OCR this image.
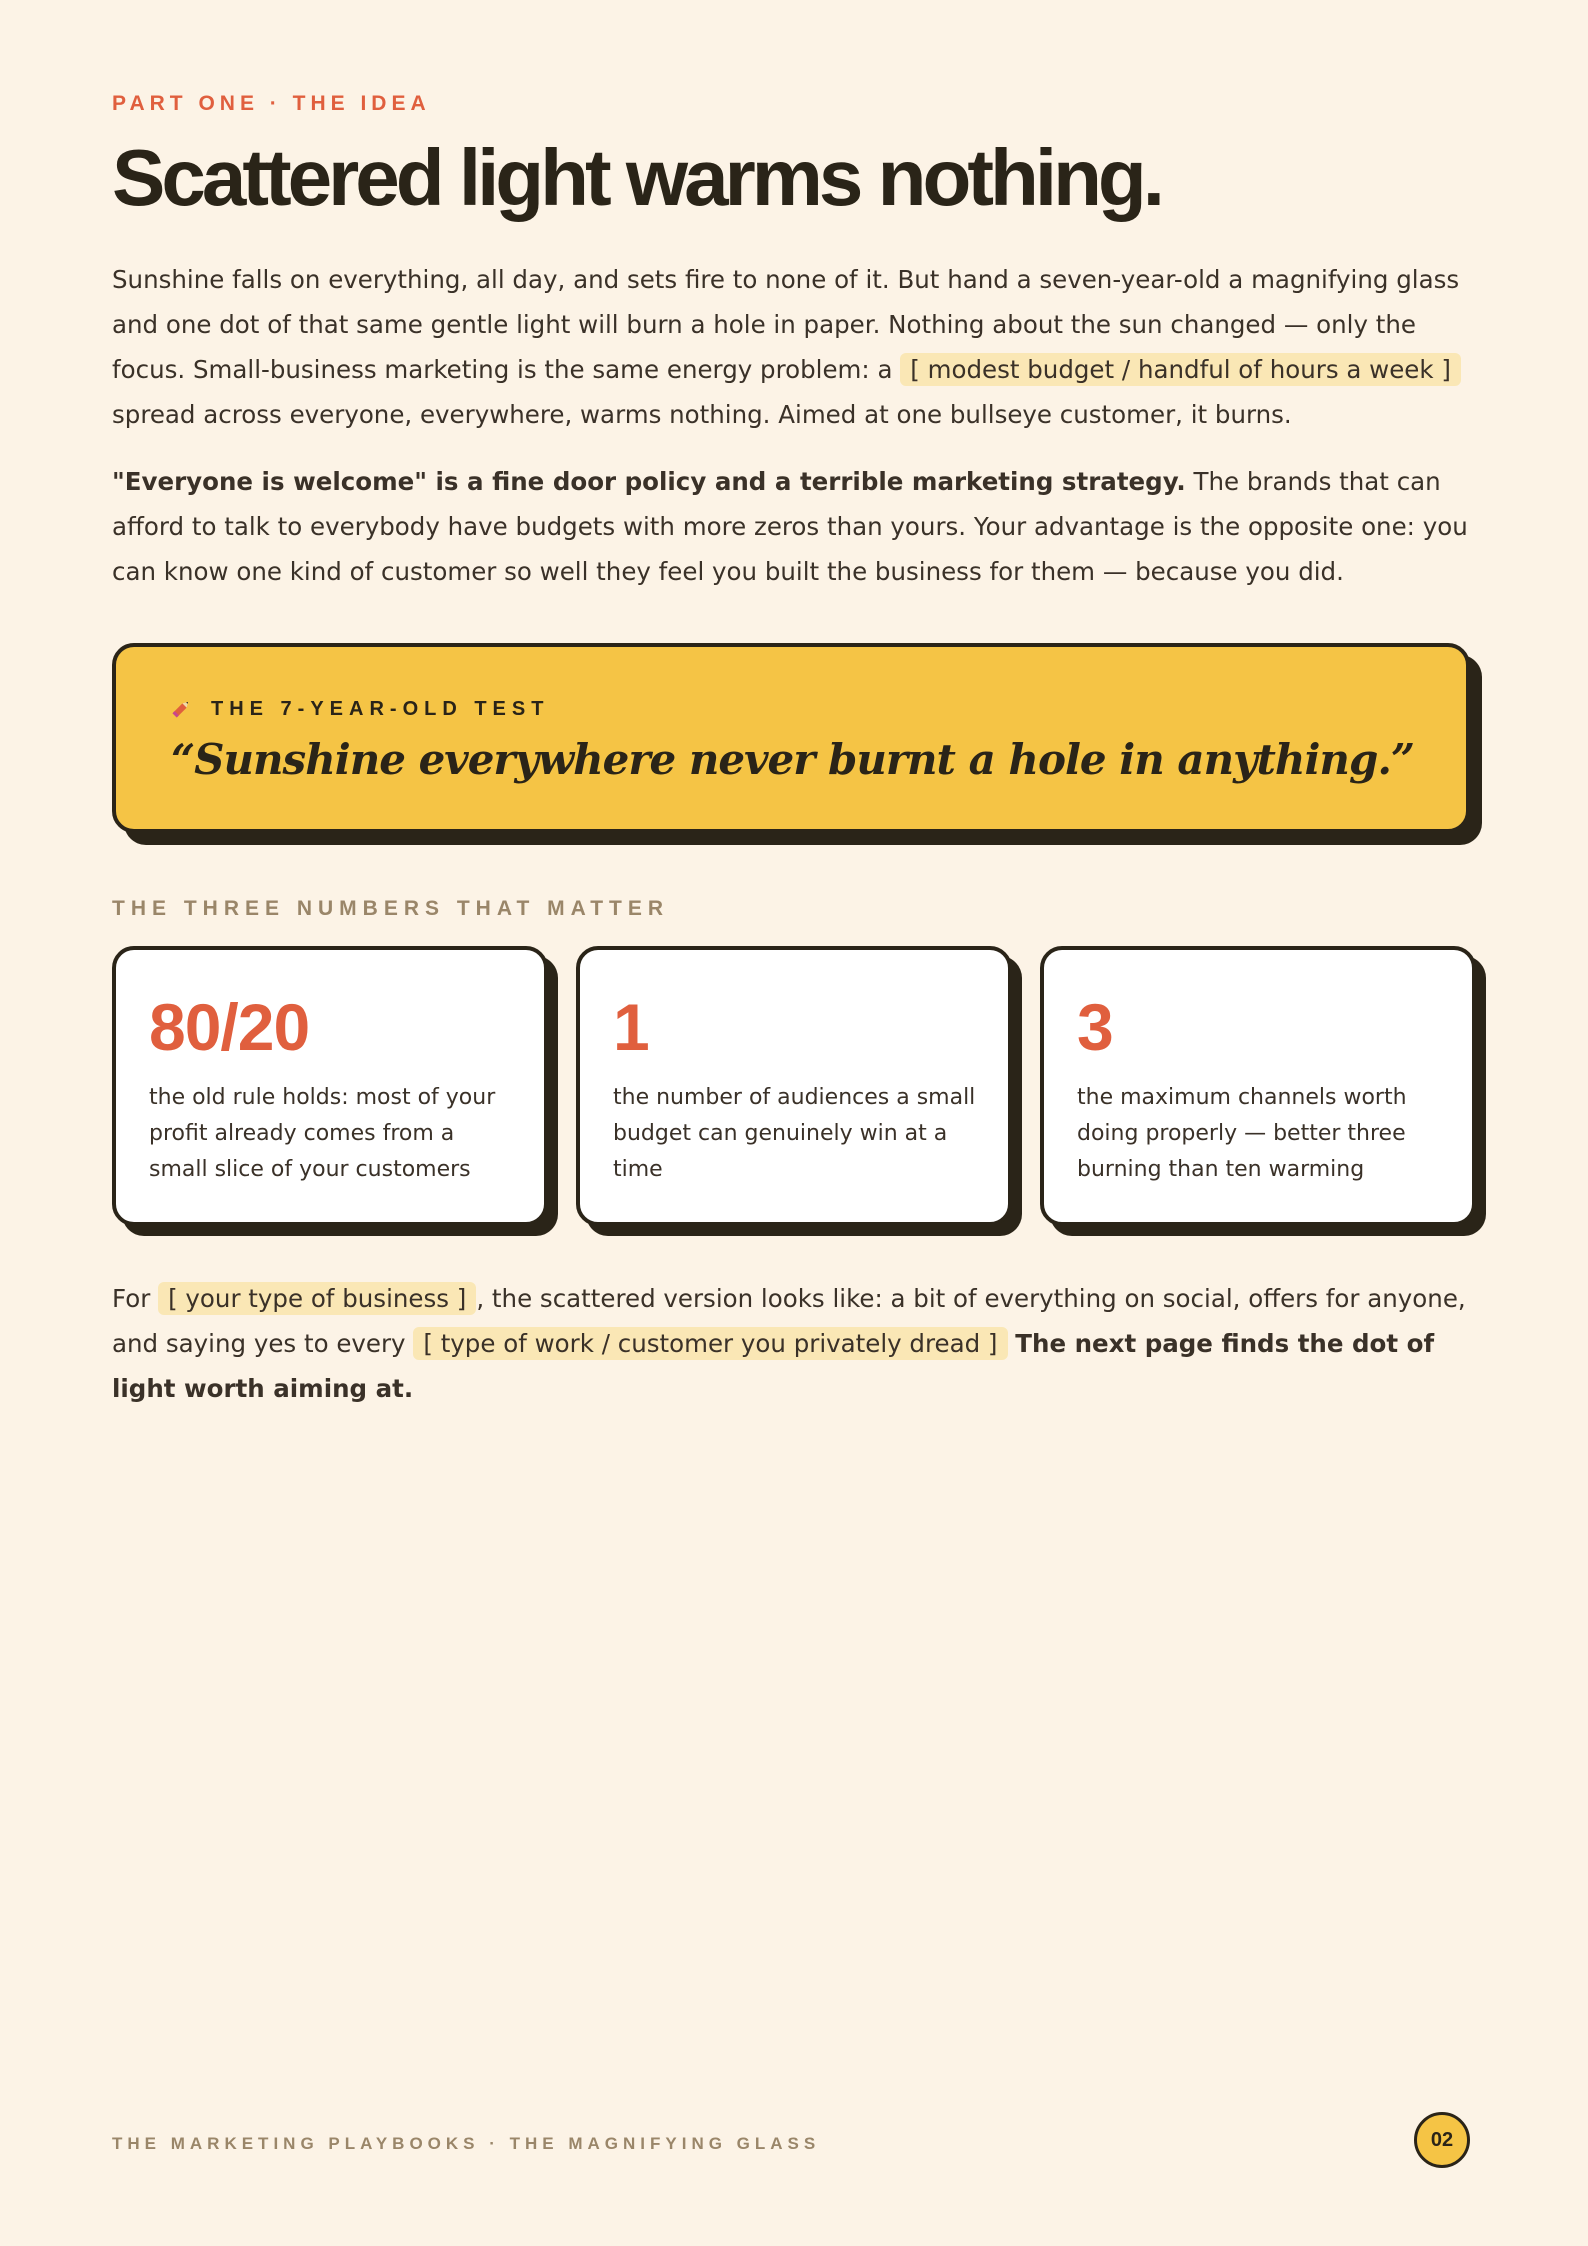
PART ONE · THE IDEA
Scattered light warms nothing.

Sunshine falls on everything, all day, and sets fire to none of it. But hand a seven-year-old a magnifying glass and one dot of that same gentle light will burn a hole in paper. Nothing about the sun changed — only the focus. Small-business marketing is the same energy problem: a [ modest budget / handful of hours a week ] spread across everyone, everywhere, warms nothing. Aimed at one bullseye customer, it burns.

"Everyone is welcome" is a fine door policy and a terrible marketing strategy. The brands that can afford to talk to everybody have budgets with more zeros than yours. Your advantage is the opposite one: you can know one kind of customer so well they feel you built the business for them — because you did.

THE 7-YEAR-OLD TEST
“Sunshine everywhere never burnt a hole in anything.”
THE THREE NUMBERS THAT MATTER
80/20
the old rule holds: most of your profit already comes from a small slice of your customers
1
the number of audiences a small budget can genuinely win at a time
3
the maximum channels worth doing properly — better three burning than ten warming

For [ your type of business ] , the scattered version looks like: a bit of everything on social, offers for anyone, and saying yes to every [ type of work / customer you privately dread ] The next page finds the dot of light worth aiming at.

THE MARKETING PLAYBOOKS · THE MAGNIFYING GLASS	02
